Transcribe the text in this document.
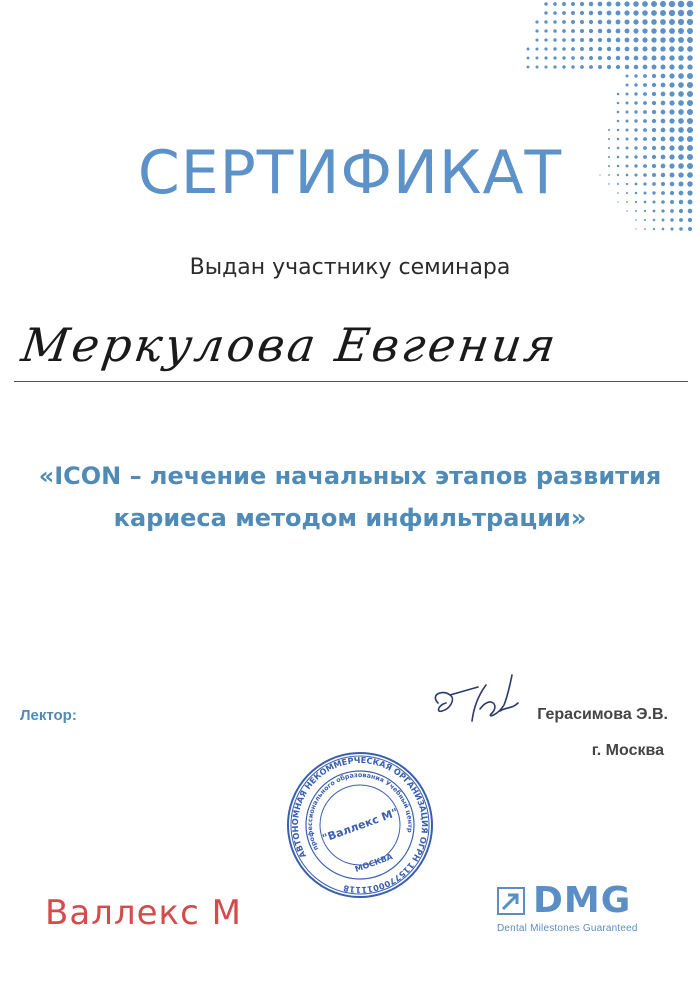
СЕРТИФИКАТ
Выдан участнику семинара
Меркулова Евгения
«ICON – лечение начальных этапов развития
кариеса методом инфильтрации»
Лектор:	Герасимова Э.В.
г. Москва
АВТОНОМНАЯ НЕКОММЕРЧЕСКАЯ ОРГАНИЗАЦИЯ ОГРН 1157700011118
профессионального образования Учебный центр
"Валлекс М"
МОСКВА
Валлекс М	DMG
Dental Milestones Guaranteed
